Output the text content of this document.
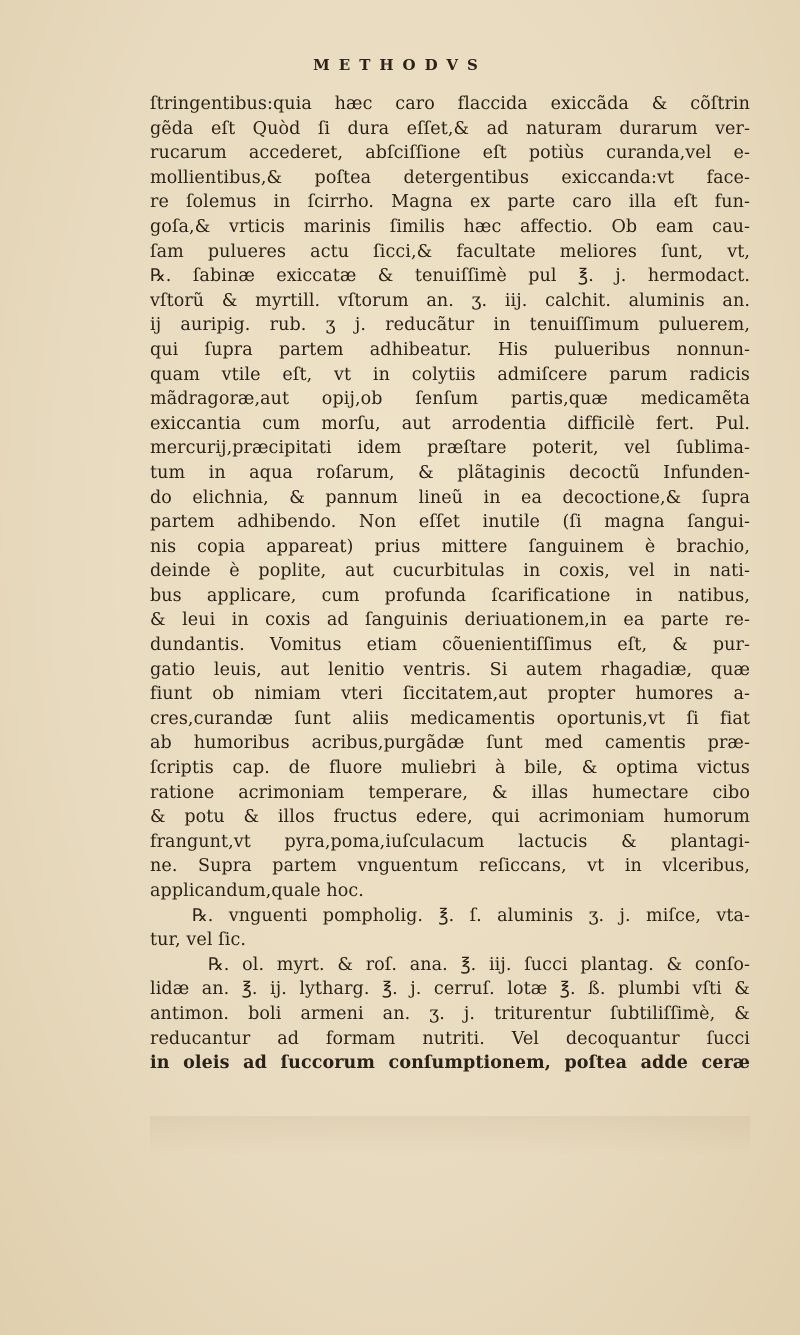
METHODVS
ſtringentibus:quia hæc caro flaccida exiccãda & cõſtrin
gẽda eſt Quòd ſi dura eſſet,& ad naturam durarum ver-
rucarum accederet, abſciſſione eſt potiùs curanda,vel e-
mollientibus,& poſtea detergentibus exiccanda:vt face-
re ſolemus in ſcirrho. Magna ex parte caro illa eſt fun-
goſa,& vrticis marinis ſimilis hæc affectio. Ob eam cau-
ſam pulueres actu ſicci,& facultate meliores ſunt, vt,
℞. ſabinæ exiccatæ & tenuiſſimè pul ℥. j. hermodact.
vſtorũ & myrtill. vſtorum an. ʒ. iij. calchit. aluminis an.
ij auripig. rub. ʒ j. reducãtur in tenuiſſimum puluerem,
qui ſupra partem adhibeatur. His pulueribus nonnun-
quam vtile eſt, vt in colytiis admiſcere parum radicis
mãdragoræ,aut opij,ob ſenſum partis,quæ medicamẽta
exiccantia cum morſu, aut arrodentia difficilè fert. Pul.
mercurij,præcipitati idem præſtare poterit, vel ſublima-
tum in aqua roſarum, & plãtaginis decoctũ Infunden-
do elichnia, & pannum lineũ in ea decoctione,& ſupra
partem adhibendo. Non eſſet inutile (ſi magna ſangui-
nis copia appareat) prius mittere ſanguinem è brachio,
deinde è poplite, aut cucurbitulas in coxis, vel in nati-
bus applicare, cum profunda ſcarificatione in natibus,
& leui in coxis ad ſanguinis deriuationem,in ea parte re-
dundantis. Vomitus etiam cõuenientiſſimus eſt, & pur-
gatio leuis, aut lenitio ventris. Si autem rhagadiæ, quæ
fiunt ob nimiam vteri ſiccitatem,aut propter humores a-
cres,curandæ ſunt aliis medicamentis oportunis,vt ſi fiat
ab humoribus acribus,purgãdæ ſunt med camentis præ-
ſcriptis cap. de fluore muliebri à bile, & optima victus
ratione acrimoniam temperare, & illas humectare cibo
& potu & illos fructus edere, qui acrimoniam humorum
frangunt,vt pyra,poma,iuſculacum lactucis & plantagi-
ne. Supra partem vnguentum reſiccans, vt in vlceribus,
applicandum,quale hoc.
℞. vnguenti pompholig. ℥. ſ. aluminis ʒ. j. miſce, vta-
tur, vel ſic.
℞. ol. myrt. & roſ. ana. ℥. iij. ſucci plantag. & conſo-
lidæ an. ℥. ij. lytharg. ℥. j. cerruſ. lotæ ℥. ß. plumbi vſti &
antimon. boli armeni an. ʒ. j. triturentur ſubtiliſſimè, &
reducantur ad formam nutriti. Vel decoquantur ſucci
in oleis ad ſuccorum conſumptionem, poſtea adde ceræ
